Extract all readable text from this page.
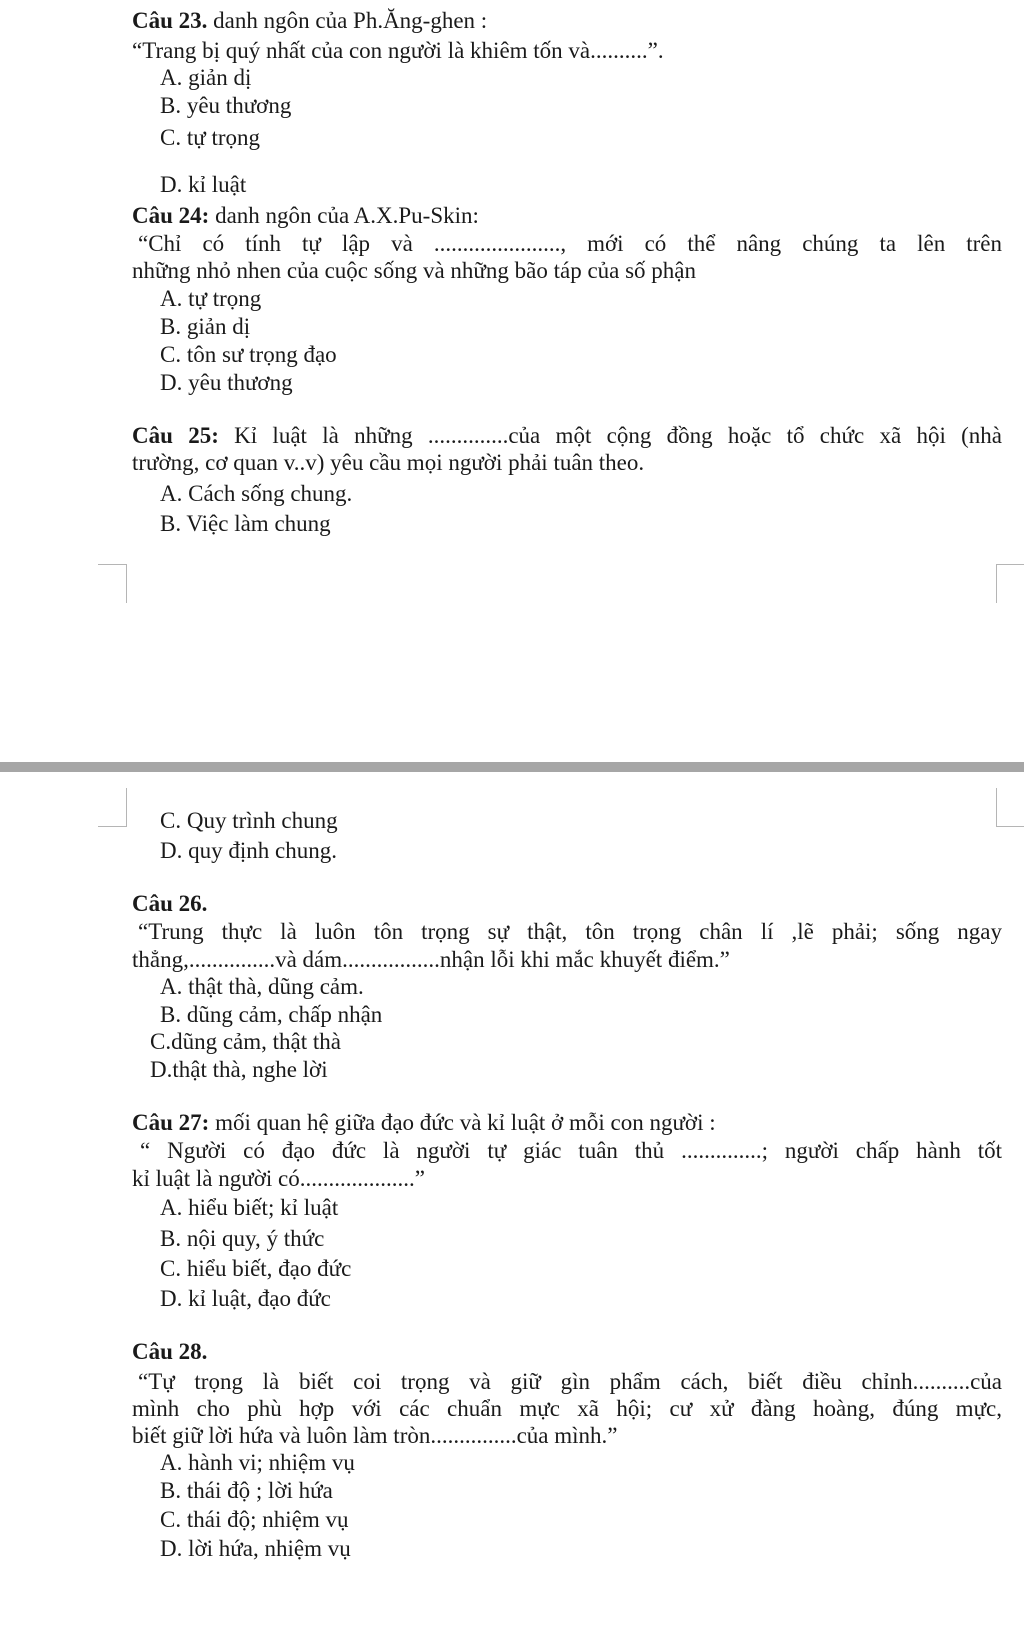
Câu 23. danh ngôn của Ph.Ăng-ghen :
“Trang bị quý nhất của con người là khiêm tốn và..........”.
A. giản dị
B. yêu thương
C. tự trọng
D. kỉ luật
Câu 24: danh ngôn của A.X.Pu-Skin:
“Chỉ có tính tự lập và ......................, mới có thể nâng chúng ta lên trên
những nhỏ nhen của cuộc sống và những bão táp của số phận
A. tự trọng
B. giản dị
C. tôn sư trọng đạo
D. yêu thương
Câu 25: Kỉ luật là những ..............của một cộng đồng hoặc tổ chức xã hội (nhà
trường, cơ quan v..v) yêu cầu mọi người phải tuân theo.
A. Cách sống chung.
B. Việc làm chung
C. Quy trình chung
D. quy định chung.
Câu 26.
“Trung thực là luôn tôn trọng sự thật, tôn trọng chân lí ,lẽ phải; sống ngay
thẳng,...............và dám.................nhận lỗi khi mắc khuyết điểm.”
A. thật thà, dũng cảm.
B. dũng cảm, chấp nhận
C.dũng cảm, thật thà
D.thật thà, nghe lời
Câu 27: mối quan hệ giữa đạo đức và kỉ luật ở mỗi con người :
“ Người có đạo đức là người tự giác tuân thủ ..............; người chấp hành tốt
kỉ luật là người có....................”
A. hiểu biết; kỉ luật
B. nội quy, ý thức
C. hiểu biết, đạo đức
D. kỉ luật, đạo đức
Câu 28.
“Tự trọng là biết coi trọng và giữ gìn phẩm cách, biết điều chỉnh..........của
mình cho phù hợp với các chuẩn mực xã hội; cư xử đàng hoàng, đúng mực,
biết giữ lời hứa và luôn làm tròn...............của mình.”
A. hành vi; nhiệm vụ
B. thái độ ; lời hứa
C. thái độ; nhiệm vụ
D. lời hứa, nhiệm vụ
